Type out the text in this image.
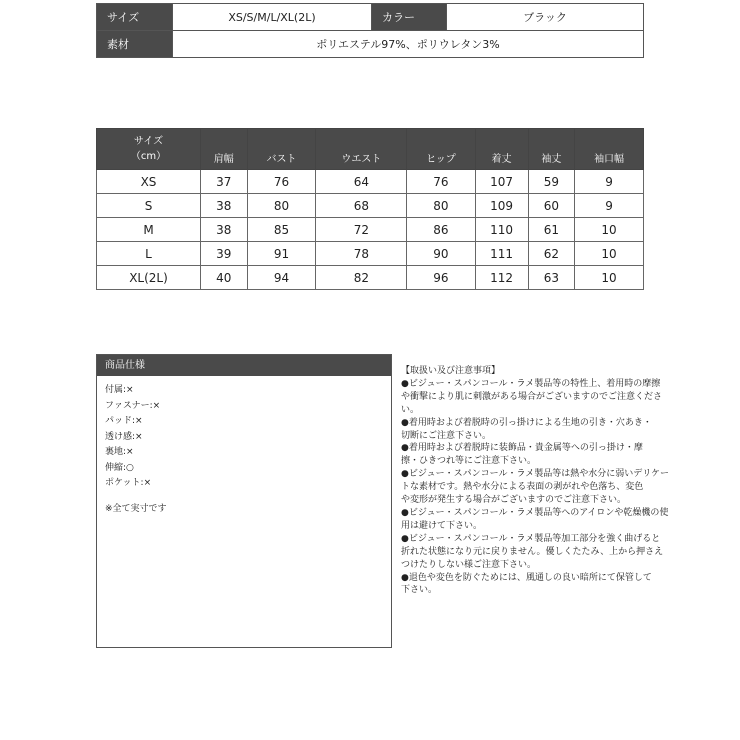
サイズ	XS/S/M/L/XL(2L)	カラー	ブラック
素材	ポリエステル97%、ポリウレタン3%		
サイズ
（cm）	肩幅	バスト	ウエスト	ヒップ	着丈	袖丈	袖口幅
XS	37	76	64	76	107	59	9
S	38	80	68	80	109	60	9
M	38	85	72	86	110	61	10
L	39	91	78	90	111	62	10
XL(2L)	40	94	82	96	112	63	10
商品仕様
付属:×
ファスナー:×
パッド:×
透け感:×
裏地:×
伸縮:○
ポケット:×
※全て実寸です
【取扱い及び注意事項】
●ビジュー・スパンコール・ラメ製品等の特性上、着用時の摩擦
や衝撃により肌に刺激がある場合がございますのでご注意くださ
い。
●着用時および着脱時の引っ掛けによる生地の引き・穴あき・
切断にご注意下さい。
●着用時および着脱時に装飾品・貴金属等への引っ掛け・摩
擦・ひきつれ等にご注意下さい。
●ビジュー・スパンコール・ラメ製品等は熱や水分に弱いデリケー
トな素材です。熱や水分による表面の剥がれや色落ち、変色
や変形が発生する場合がございますのでご注意下さい。
●ビジュー・スパンコール・ラメ製品等へのアイロンや乾燥機の使
用は避けて下さい。
●ビジュー・スパンコール・ラメ製品等加工部分を強く曲げると
折れた状態になり元に戻りません。優しくたたみ、上から押さえ
つけたりしない様ご注意下さい。
●退色や変色を防ぐためには、風通しの良い暗所にて保管して
下さい。
